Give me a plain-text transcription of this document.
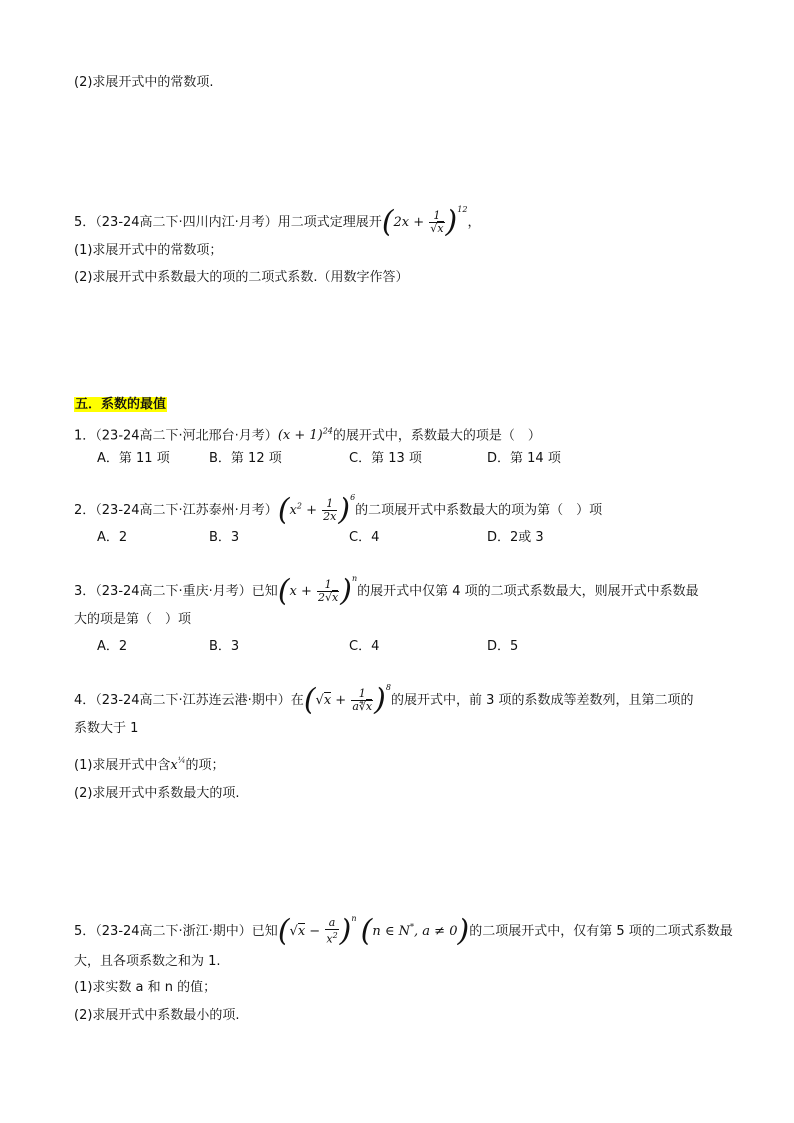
(2)求展开式中的常数项.
5．（23-24高二下·四川内江·月考）用二项式定理展开$(2x + \frac{1}{√x} )^{12}$，
(1)求展开式中的常数项；
(2)求展开式中系数最大的项的二项式系数.（用数字作答）
五．系数的最值
1．（23-24高二下·河北邢台·月考）$(x + 1)^{24}$的展开式中，系数最大的项是（　）
A．第 11 项	B．第 12 项	C．第 13 项	D．第 14 项
2．（23-24高二下·江苏泰州·月考）$(x^2 + \frac{1}{2x} )^6$的二项展开式中系数最大的项为第（　）项
A．2	B．3	C．4	D．2或 3
3．（23-24高二下·重庆·月考）已知$(x + \frac{1}{2√x} )^n$的展开式中仅第 4 项的二项式系数最大，则展开式中系数最
大的项是第（　）项
A．2	B．3	C．4	D．5
4．（23-24高二下·江苏连云港·期中）在$(√x + \frac{1}{a∜x} )^8$的展开式中，前 3 项的系数成等差数列，且第二项的
系数大于 1
(1)求展开式中含$x^{\frac{1}{4}}$的项；
(2)求展开式中系数最大的项.
5．（23-24高二下·浙江·期中）已知$(√x - \frac{a}{x^2} )^n$ (n ∈ N*, a ≠ 0)的二项展开式中，仅有第 5 项的二项式系数最
大，且各项系数之和为 1.
(1)求实数 a 和 n 的值；
(2)求展开式中系数最小的项.
